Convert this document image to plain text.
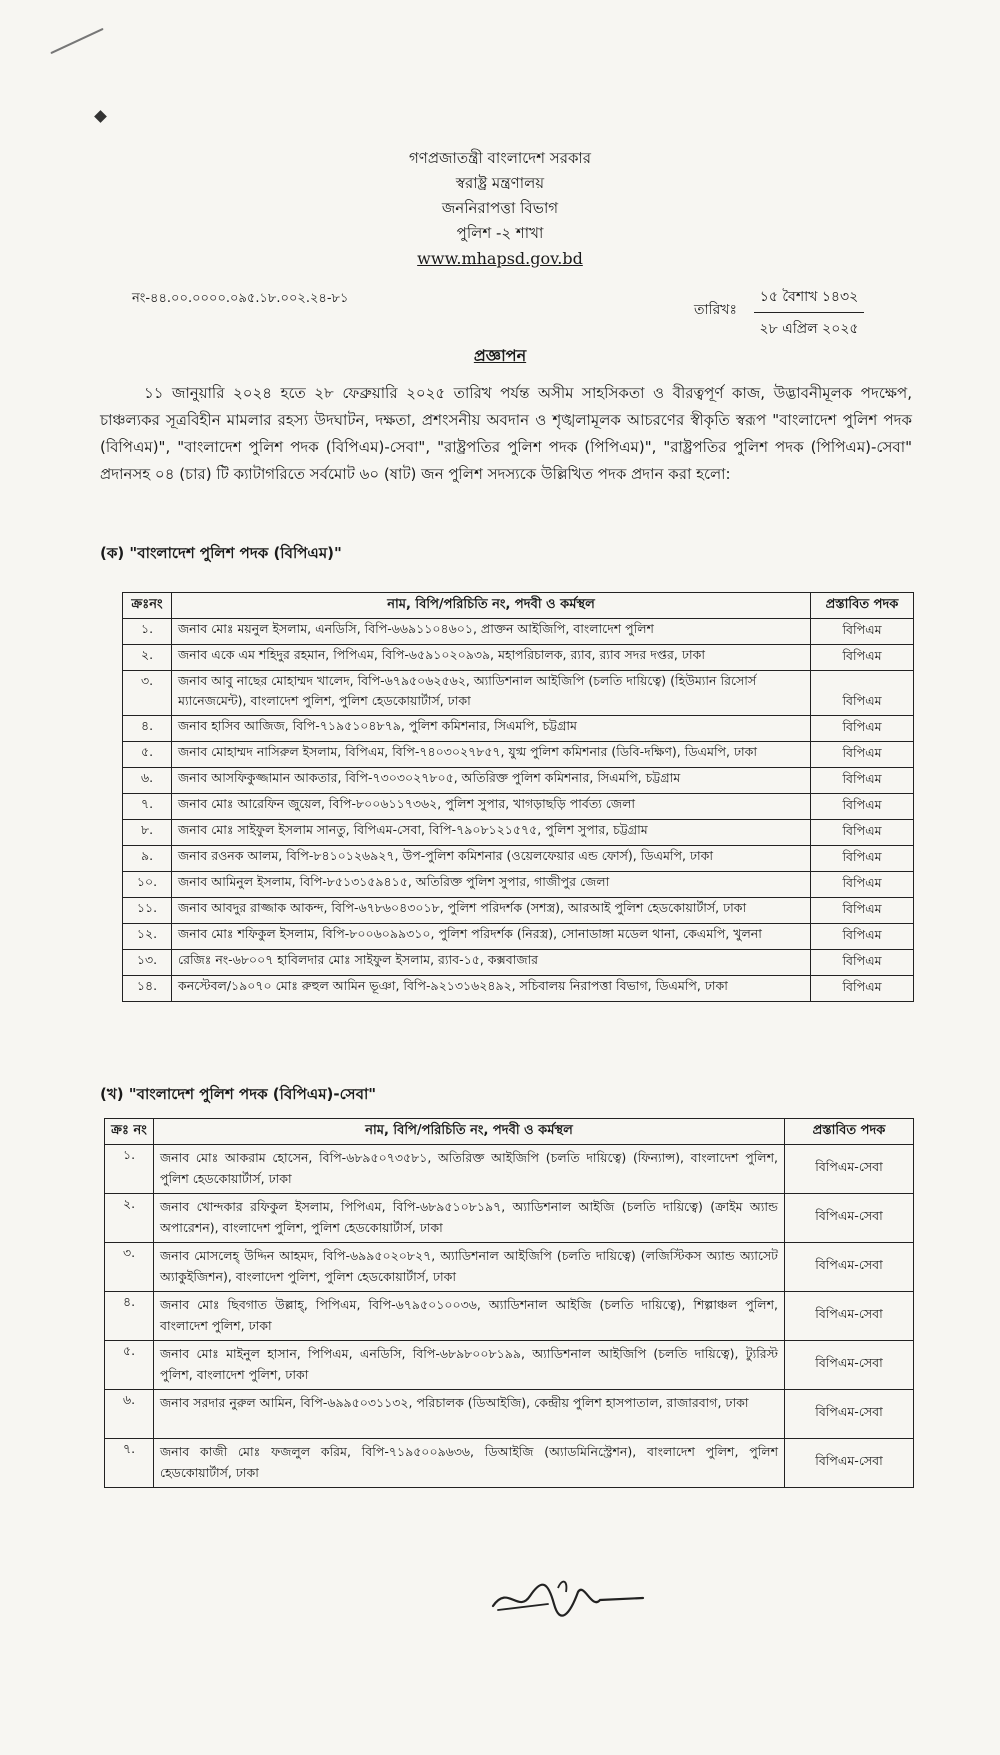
গণপ্রজাতন্ত্রী বাংলাদেশ সরকার
স্বরাষ্ট্র মন্ত্রণালয়
জননিরাপত্তা বিভাগ
পুলিশ -২ শাখা
www.mhapsd.gov.bd
নং-৪৪.০০.০০০০.০৯৫.১৮.০০২.২৪-৮১
তারিখঃ
১৫ বৈশাখ ১৪৩২
২৮ এপ্রিল ২০২৫
প্রজ্ঞাপন
১১ জানুয়ারি ২০২৪ হতে ২৮ ফেব্রুয়ারি ২০২৫ তারিখ পর্যন্ত অসীম সাহসিকতা ও বীরত্বপূর্ণ কাজ, উদ্ভাবনীমূলক পদক্ষেপ, চাঞ্চল্যকর সূত্রবিহীন মামলার রহস্য উদঘাটন, দক্ষতা, প্রশংসনীয় অবদান ও শৃঙ্খলামূলক আচরণের স্বীকৃতি স্বরূপ "বাংলাদেশ পুলিশ পদক (বিপিএম)", "বাংলাদেশ পুলিশ পদক (বিপিএম)-সেবা", "রাষ্ট্রপতির পুলিশ পদক (পিপিএম)", "রাষ্ট্রপতির পুলিশ পদক (পিপিএম)-সেবা" প্রদানসহ ০৪ (চার) টি ক্যাটাগরিতে সর্বমোট ৬০ (ষাট) জন পুলিশ সদস্যকে উল্লিখিত পদক প্রদান করা হলো:
(ক) "বাংলাদেশ পুলিশ পদক (বিপিএম)"
ক্রঃনং	নাম, বিপি/পরিচিতি নং, পদবী ও কর্মস্থল	প্রস্তাবিত পদক
১.	জনাব মোঃ ময়নুল ইসলাম, এনডিসি, বিপি-৬৬৯১১০৪৬০১, প্রাক্তন আইজিপি, বাংলাদেশ পুলিশ	বিপিএম
২.	জনাব একে এম শহিদুর রহমান, পিপিএম, বিপি-৬৫৯১০২০৯৩৯, মহাপরিচালক, র‍্যাব, র‍্যাব সদর দপ্তর, ঢাকা	বিপিএম
৩.	জনাব আবু নাছের মোহাম্মদ খালেদ, বিপি-৬৭৯৫০৬২৫৬২, অ্যাডিশনাল আইজিপি (চলতি দায়িত্বে) (হিউম্যান রিসোর্স ম্যানেজমেন্ট), বাংলাদেশ পুলিশ, পুলিশ হেডকোয়ার্টার্স, ঢাকা	বিপিএম
৪.	জনাব হাসিব আজিজ, বিপি-৭১৯৫১০৪৮৭৯, পুলিশ কমিশনার, সিএমপি, চট্টগ্রাম	বিপিএম
৫.	জনাব মোহাম্মদ নাসিরুল ইসলাম, বিপিএম, বিপি-৭৪০৩০২৭৮৫৭, যুগ্ম পুলিশ কমিশনার (ডিবি-দক্ষিণ), ডিএমপি, ঢাকা	বিপিএম
৬.	জনাব আসফিকুজ্জামান আকতার, বিপি-৭৩০৩০২৭৮০৫, অতিরিক্ত পুলিশ কমিশনার, সিএমপি, চট্টগ্রাম	বিপিএম
৭.	জনাব মোঃ আরেফিন জুয়েল, বিপি-৮০০৬১১৭৩৬২, পুলিশ সুপার, খাগড়াছড়ি পার্বত্য জেলা	বিপিএম
৮.	জনাব মোঃ সাইফুল ইসলাম সানতু, বিপিএম-সেবা, বিপি-৭৯০৮১২১৫৭৫, পুলিশ সুপার, চট্টগ্রাম	বিপিএম
৯.	জনাব রওনক আলম, বিপি-৮৪১০১২৬৯২৭, উপ-পুলিশ কমিশনার (ওয়েলফেয়ার এন্ড ফোর্স), ডিএমপি, ঢাকা	বিপিএম
১০.	জনাব আমিনুল ইসলাম, বিপি-৮৫১৩১৫৯৪১৫, অতিরিক্ত পুলিশ সুপার, গাজীপুর জেলা	বিপিএম
১১.	জনাব আবদুর রাজ্জাক আকন্দ, বিপি-৬৭৮৬০৪৩০১৮, পুলিশ পরিদর্শক (সশস্ত্র), আরআই পুলিশ হেডকোয়ার্টার্স, ঢাকা	বিপিএম
১২.	জনাব মোঃ শফিকুল ইসলাম, বিপি-৮০০৬০৯৯৩১০, পুলিশ পরিদর্শক (নিরস্ত্র), সোনাডাঙ্গা মডেল থানা, কেএমপি, খুলনা	বিপিএম
১৩.	রেজিঃ নং-৬৮০০৭ হাবিলদার মোঃ সাইফুল ইসলাম, র‍্যাব-১৫, কক্সবাজার	বিপিএম
১৪.	কনস্টেবল/১৯০৭০ মোঃ রুহুল আমিন ভূঞা, বিপি-৯২১৩১৬২৪৯২, সচিবালয় নিরাপত্তা বিভাগ, ডিএমপি, ঢাকা	বিপিএম
(খ) "বাংলাদেশ পুলিশ পদক (বিপিএম)-সেবা"
ক্রঃ নং	নাম, বিপি/পরিচিতি নং, পদবী ও কর্মস্থল	প্রস্তাবিত পদক
১.	জনাব মোঃ আকরাম হোসেন, বিপি-৬৮৯৫০৭৩৫৮১, অতিরিক্ত আইজিপি (চলতি দায়িত্বে) (ফিন্যান্স), বাংলাদেশ পুলিশ, পুলিশ হেডকোয়ার্টার্স, ঢাকা	বিপিএম-সেবা
২.	জনাব খোন্দকার রফিকুল ইসলাম, পিপিএম, বিপি-৬৮৯৫১০৮১৯৭, অ্যাডিশনাল আইজি (চলতি দায়িত্বে) (ক্রাইম অ্যান্ড অপারেশন), বাংলাদেশ পুলিশ, পুলিশ হেডকোয়ার্টার্স, ঢাকা	বিপিএম-সেবা
৩.	জনাব মোসলেহ্ উদ্দিন আহমদ, বিপি-৬৯৯৫০২০৮২৭, অ্যাডিশনাল আইজিপি (চলতি দায়িত্বে) (লজিস্টিকস অ্যান্ড অ্যাসেট অ্যাকুইজিশন), বাংলাদেশ পুলিশ, পুলিশ হেডকোয়ার্টার্স, ঢাকা	বিপিএম-সেবা
৪.	জনাব মোঃ ছিবগাত উল্লাহ্, পিপিএম, বিপি-৬৭৯৫০১০০৩৬, অ্যাডিশনাল আইজি (চলতি দায়িত্বে), শিল্পাঞ্চল পুলিশ, বাংলাদেশ পুলিশ, ঢাকা	বিপিএম-সেবা
৫.	জনাব মোঃ মাইনুল হাসান, পিপিএম, এনডিসি, বিপি-৬৮৯৮০০৮১৯৯, অ্যাডিশনাল আইজিপি (চলতি দায়িত্বে), ট্যুরিস্ট পুলিশ, বাংলাদেশ পুলিশ, ঢাকা	বিপিএম-সেবা
৬.	জনাব সরদার নুরুল আমিন, বিপি-৬৯৯৫০৩১১৩২, পরিচালক (ডিআইজি), কেন্দ্রীয় পুলিশ হাসপাতাল, রাজারবাগ, ঢাকা	বিপিএম-সেবা
৭.	জনাব কাজী মোঃ ফজলুল করিম, বিপি-৭১৯৫০০৯৬৩৬, ডিআইজি (অ্যাডমিনিস্ট্রেশন), বাংলাদেশ পুলিশ, পুলিশ হেডকোয়ার্টার্স, ঢাকা	বিপিএম-সেবা
